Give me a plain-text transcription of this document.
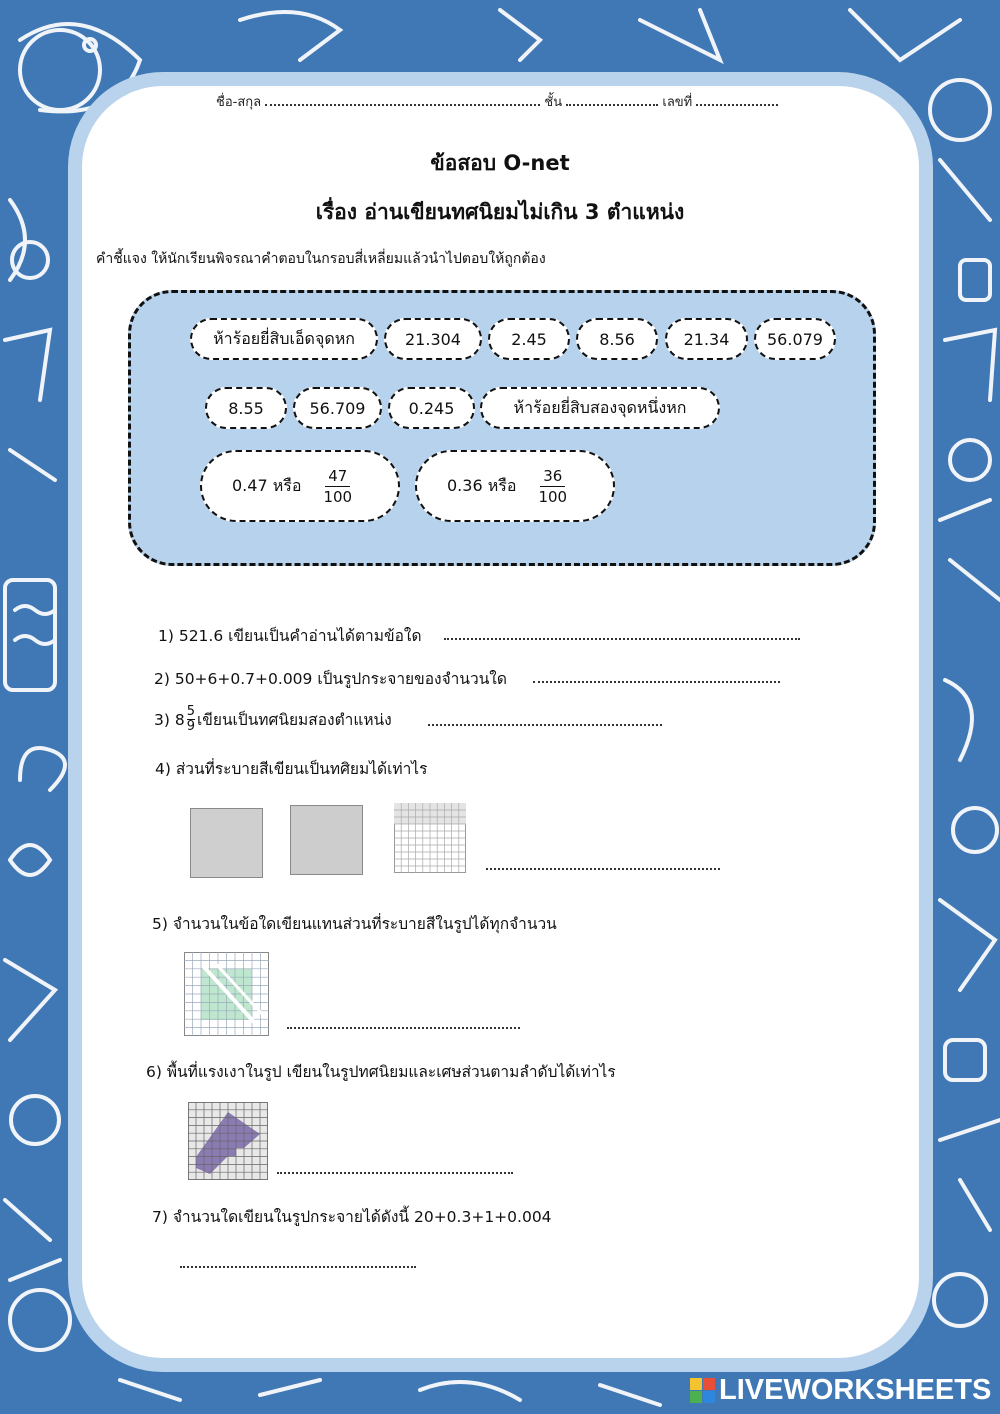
ชื่อ-สกุล	ชั้น	เลขที่
ข้อสอบ O-net
เรื่อง อ่านเขียนทศนิยมไม่เกิน 3 ตำแหน่ง
คำชี้แจง ให้นักเรียนพิจรณาคำตอบในกรอบสี่เหลี่ยมแล้วนำไปตอบให้ถูกต้อง
ห้าร้อยยี่สิบเอ็ดจุดหก	21.304	2.45	8.56	21.34	56.079
8.55	56.709	0.245	ห้าร้อยยี่สิบสองจุดหนึ่งหก
0.47 หรือ $\frac{47}{100}$	0.36 หรือ $\frac{36}{100}$
1) 521.6 เขียนเป็นคำอ่านได้ตามข้อใด
2) 50+6+0.7+0.009 เป็นรูปกระจายของจำนวนใด
3) $8 \frac{5}{9}$ เขียนเป็นทศนิยมสองตำแหน่ง
4) ส่วนที่ระบายสีเขียนเป็นทศิยมได้เท่าไร
5) จำนวนในข้อใดเขียนแทนส่วนที่ระบายสีในรูปได้ทุกจำนวน
6) พื้นที่แรงเงาในรูป เขียนในรูปทศนิยมและเศษส่วนตามลำดับได้เท่าไร
7) จำนวนใดเขียนในรูปกระจายได้ดังนี้ 20+0.3+1+0.004
LIVEWORKSHEETS
